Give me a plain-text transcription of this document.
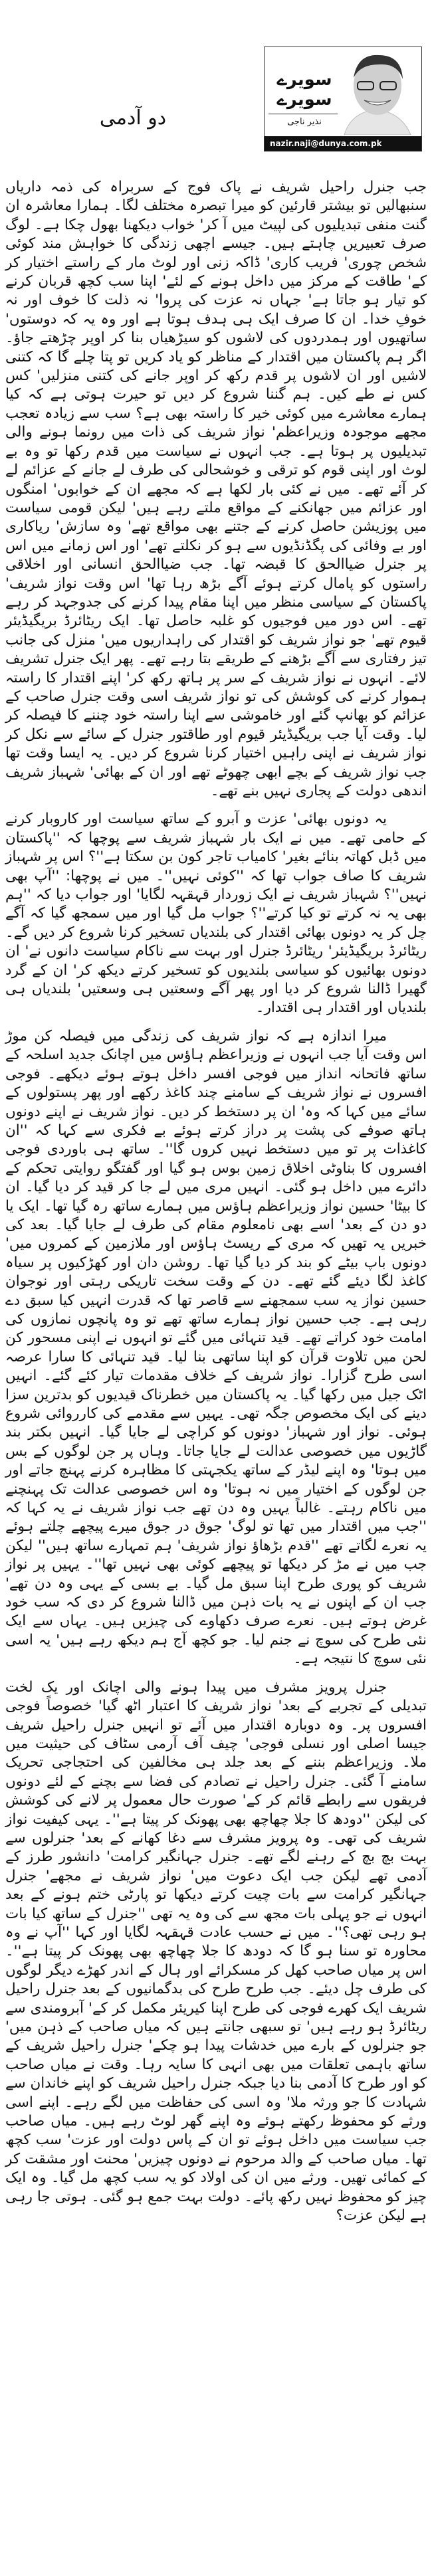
دو آدمی
سویرے سویرے
نذیر ناجی
nazir.naji@dunya.com.pk

جب جنرل راحیل شریف نے پاک فوج کے سربراہ کی ذمہ داریاں سنبھالیں تو بیشتر قارئین کو میرا تبصرہ مختلف لگا۔ ہمارا معاشرہ ان گنت منفی تبدیلیوں کی لپیٹ میں آ کر' خواب دیکھنا بھول چکا ہے۔ لوگ صرف تعبیریں چاہتے ہیں۔ جیسے اچھی زندگی کا خواہش مند کوئی شخص چوری' فریب کاری' ڈاکہ زنی اور لوٹ مار کے راستے اختیار کر کے' طاقت کے مرکز میں داخل ہونے کے لئے' اپنا سب کچھ قربان کرنے کو تیار ہو جاتا ہے' جہاں نہ عزت کی پروا' نہ ذلت کا خوف اور نہ خوفِ خدا۔ ان کا صرف ایک ہی ہدف ہوتا ہے اور وہ یہ کہ دوستوں' ساتھیوں اور ہمدردوں کی لاشوں کو سیڑھیاں بنا کر اوپر چڑھتے جاؤ۔ اگر ہم پاکستان میں اقتدار کے مناظر کو یاد کریں تو پتا چلے گا کہ کتنی لاشیں اور ان لاشوں پر قدم رکھ کر اوپر جانے کی کتنی منزلیں' کس کس نے طے کیں۔ ہم گننا شروع کر دیں تو حیرت ہوتی ہے کہ کیا ہمارے معاشرے میں کوئی خیر کا راستہ بھی ہے؟ سب سے زیادہ تعجب مجھے موجودہ وزیراعظم' نواز شریف کی ذات میں رونما ہونے والی تبدیلیوں پر ہوتا ہے۔ جب انہوں نے سیاست میں قدم رکھا تو وہ بے لوث اور اپنی قوم کو ترقی و خوشحالی کی طرف لے جانے کے عزائم لے کر آئے تھے۔ میں نے کئی بار لکھا ہے کہ مجھے ان کے خوابوں' امنگوں اور عزائم میں جھانکنے کے مواقع ملتے رہے ہیں' لیکن قومی سیاست میں پوزیشن حاصل کرنے کے جتنے بھی مواقع تھے' وہ سازش' ریاکاری اور بے وفائی کی پگڈنڈیوں سے ہو کر نکلتے تھے' اور اس زمانے میں اس پر جنرل ضیاالحق کا قبضہ تھا۔ جب ضیاالحق انسانی اور اخلاقی راستوں کو پامال کرتے ہوئے آگے بڑھ رہا تھا' اس وقت نواز شریف' پاکستان کے سیاسی منظر میں اپنا مقام پیدا کرنے کی جدوجہد کر رہے تھے۔ اس دور میں فوجیوں کو غلبہ حاصل تھا۔ ایک ریٹائرڈ بریگیڈیئر قیوم تھے' جو نواز شریف کو اقتدار کی راہداریوں میں' منزل کی جانب تیز رفتاری سے آگے بڑھنے کے طریقے بتا رہے تھے۔ پھر ایک جنرل تشریف لائے۔ انہوں نے نواز شریف کے سر پر ہاتھ رکھ کر' اپنے اقتدار کا راستہ ہموار کرنے کی کوشش کی تو نواز شریف اسی وقت جنرل صاحب کے عزائم کو بھانپ گئے اور خاموشی سے اپنا راستہ خود چننے کا فیصلہ کر لیا۔ وقت آیا جب بریگیڈیئر قیوم اور طاقتور جنرل کے سائے سے نکل کر نواز شریف نے اپنی راہیں اختیار کرنا شروع کر دیں۔ یہ ایسا وقت تھا جب نواز شریف کے بچے ابھی چھوٹے تھے اور ان کے بھائی' شہباز شریف اندھی دولت کے پجاری نہیں بنے تھے۔

یہ دونوں بھائی' عزت و آبرو کے ساتھ سیاست اور کاروبار کرنے کے حامی تھے۔ میں نے ایک بار شہباز شریف سے پوچھا کہ ''پاکستان میں ڈبل کھاتہ بنائے بغیر' کامیاب تاجر کون بن سکتا ہے''؟ اس پر شہباز شریف کا صاف جواب تھا کہ ''کوئی نہیں''۔ میں نے پوچھا: ''آپ بھی نہیں''؟ شہباز شریف نے ایک زوردار قہقہہ لگایا' اور جواب دیا کہ ''ہم بھی یہ نہ کرتے تو کیا کرتے''؟ جواب مل گیا اور میں سمجھ گیا کہ آگے چل کر یہ دونوں بھائی اقتدار کی بلندیاں تسخیر کرنا شروع کر دیں گے۔ ریٹائرڈ بریگیڈیئر' ریٹائرڈ جنرل اور بہت سے ناکام سیاست دانوں نے' ان دونوں بھائیوں کو سیاسی بلندیوں کو تسخیر کرتے دیکھ کر' ان کے گرد گھیرا ڈالنا شروع کر دیا اور پھر آگے وسعتیں ہی وسعتیں' بلندیاں ہی بلندیاں اور اقتدار ہی اقتدار۔

میرا اندازہ ہے کہ نواز شریف کی زندگی میں فیصلہ کن موڑ اس وقت آیا جب انہوں نے وزیراعظم ہاؤس میں اچانک جدید اسلحہ کے ساتھ فاتحانہ انداز میں فوجی افسر داخل ہوتے ہوئے دیکھے۔ فوجی افسروں نے نواز شریف کے سامنے چند کاغذ رکھے اور پھر پستولوں کے سائے میں کہا کہ وہ' ان پر دستخط کر دیں۔ نواز شریف نے اپنے دونوں ہاتھ صوفے کی پشت پر دراز کرتے ہوئے بے فکری سے کہا کہ ''ان کاغذات پر تو میں دستخط نہیں کروں گا''۔ ساتھ ہی باوردی فوجی افسروں کا بناوٹی اخلاق زمین بوس ہو گیا اور گفتگو روایتی تحکم کے دائرے میں داخل ہو گئی۔ انہیں مری میں لے جا کر قید کر دیا گیا۔ ان کا بیٹا' حسین نواز وزیراعظم ہاؤس میں ہمارے ساتھ رہ گیا تھا۔ ایک یا دو دن کے بعد' اسے بھی نامعلوم مقام کی طرف لے جایا گیا۔ بعد کی خبریں یہ تھیں کہ مری کے ریسٹ ہاؤس اور ملازمین کے کمروں میں' دونوں باپ بیٹے کو بند کر دیا گیا تھا۔ روشن دان اور کھڑکیوں پر سیاہ کاغذ لگا دیئے گئے تھے۔ دن کے وقت سخت تاریکی رہتی اور نوجوان حسین نواز یہ سب سمجھنے سے قاصر تھا کہ قدرت انہیں کیا سبق دے رہی ہے۔ جب حسین نواز ہمارے ساتھ تھے تو وہ پانچوں نمازوں کی امامت خود کراتے تھے۔ قید تنہائی میں گئے تو انہوں نے اپنی مسحور کن لحن میں تلاوت قرآن کو اپنا ساتھی بنا لیا۔ قید تنہائی کا سارا عرصہ اسی طرح گزارا۔ نواز شریف کے خلاف مقدمات تیار کئے گئے۔ انہیں اٹک جیل میں رکھا گیا۔ یہ پاکستان میں خطرناک قیدیوں کو بدترین سزا دینے کی ایک مخصوص جگہ تھی۔ یہیں سے مقدمے کی کارروائی شروع ہوئی۔ نواز اور شہباز' دونوں کو کراچی لے جایا گیا۔ انہیں بکتر بند گاڑیوں میں خصوصی عدالت لے جایا جاتا۔ وہاں پر جن لوگوں کے بس میں ہوتا' وہ اپنے لیڈر کے ساتھ یکجہتی کا مظاہرہ کرنے پہنچ جاتے اور جن لوگوں کے اختیار میں نہ ہوتا' وہ اس خصوصی عدالت تک پہنچنے میں ناکام رہتے۔ غالباً یہیں وہ دن تھے جب نواز شریف نے یہ کہا کہ ''جب میں اقتدار میں تھا تو لوگ' جوق در جوق میرے پیچھے چلتے ہوئے یہ نعرے لگاتے تھے ''قدم بڑھاؤ نواز شریف' ہم تمہارے ساتھ ہیں'' لیکن جب میں نے مڑ کر دیکھا تو پیچھے کوئی بھی نہیں تھا''۔ یہیں پر نواز شریف کو پوری طرح اپنا سبق مل گیا۔ بے بسی کے یہی وہ دن تھے' جب ان کے اپنوں نے یہ بات ذہن میں ڈالنا شروع کر دی کہ سب خود غرض ہوتے ہیں۔ نعرے صرف دکھاوے کی چیزیں ہیں۔ یہاں سے ایک نئی طرح کی سوچ نے جنم لیا۔ جو کچھ آج ہم دیکھ رہے ہیں' یہ اسی نئی سوچ کا نتیجہ ہے۔

جنرل پرویز مشرف میں پیدا ہونے والی اچانک اور یک لخت تبدیلی کے تجربے کے بعد' نواز شریف کا اعتبار اٹھ گیا' خصوصاً فوجی افسروں پر۔ وہ دوبارہ اقتدار میں آئے تو انہیں جنرل راحیل شریف جیسا اصلی اور نسلی فوجی' چیف آف آرمی سٹاف کی حیثیت میں ملا۔ وزیراعظم بننے کے بعد جلد ہی مخالفین کی احتجاجی تحریک سامنے آ گئی۔ جنرل راحیل نے تصادم کی فضا سے بچنے کے لئے دونوں فریقوں سے رابطے قائم کر کے' صورت حال معمول پر لانے کی کوشش کی لیکن ''دودھ کا جلا چھاچھ بھی پھونک کر پیتا ہے''۔ یہی کیفیت نواز شریف کی تھی۔ وہ پرویز مشرف سے دغا کھانے کے بعد' جنرلوں سے بہت بچ بچ کے رہنے لگے تھے۔ جنرل جہانگیر کرامت' دانشور طرز کے آدمی تھے لیکن جب ایک دعوت میں' نواز شریف نے مجھے' جنرل جہانگیر کرامت سے بات چیت کرتے دیکھا تو پارٹی ختم ہونے کے بعد انہوں نے جو پہلی بات مجھ سے کی وہ یہ تھی ''جنرل کے ساتھ کیا بات ہو رہی تھی؟''۔ میں نے حسب عادت قہقہہ لگایا اور کہا ''آپ نے وہ محاورہ تو سنا ہو گا کہ دودھ کا جلا چھاچھ بھی پھونک کر پیتا ہے''۔ اس پر میاں صاحب کھل کر مسکرائے اور ہال کے اندر کھڑے دیگر لوگوں کی طرف چل دیئے۔ جب طرح طرح کی بدگمانیوں کے بعد جنرل راحیل شریف ایک کھرے فوجی کی طرح اپنا کیریئر مکمل کر کے' آبرومندی سے ریٹائرڈ ہو رہے ہیں' تو سبھی جانتے ہیں کہ میاں صاحب کے ذہن میں' جو جنرلوں کے بارے میں خدشات پیدا ہو چکے' جنرل راحیل شریف کے ساتھ باہمی تعلقات میں بھی انہی کا سایہ رہا۔ وقت نے میاں صاحب کو اور طرح کا آدمی بنا دیا جبکہ جنرل راحیل شریف کو اپنے خاندان سے شہادت کا جو ورثہ ملا' وہ اسی کی حفاظت میں لگے رہے۔ اپنے اسی ورثے کو محفوظ رکھتے ہوئے وہ اپنے گھر لوٹ رہے ہیں۔ میاں صاحب جب سیاست میں داخل ہوئے تو ان کے پاس دولت اور عزت' سب کچھ تھا۔ میاں صاحب کے والد مرحوم نے دونوں چیزیں' محنت اور مشقت کر کے کمائی تھیں۔ ورثے میں ان کی اولاد کو یہ سب کچھ مل گیا۔ وہ ایک چیز کو محفوظ نہیں رکھ پائے۔ دولت بہت جمع ہو گئی۔ ہوتی جا رہی ہے لیکن عزت؟
